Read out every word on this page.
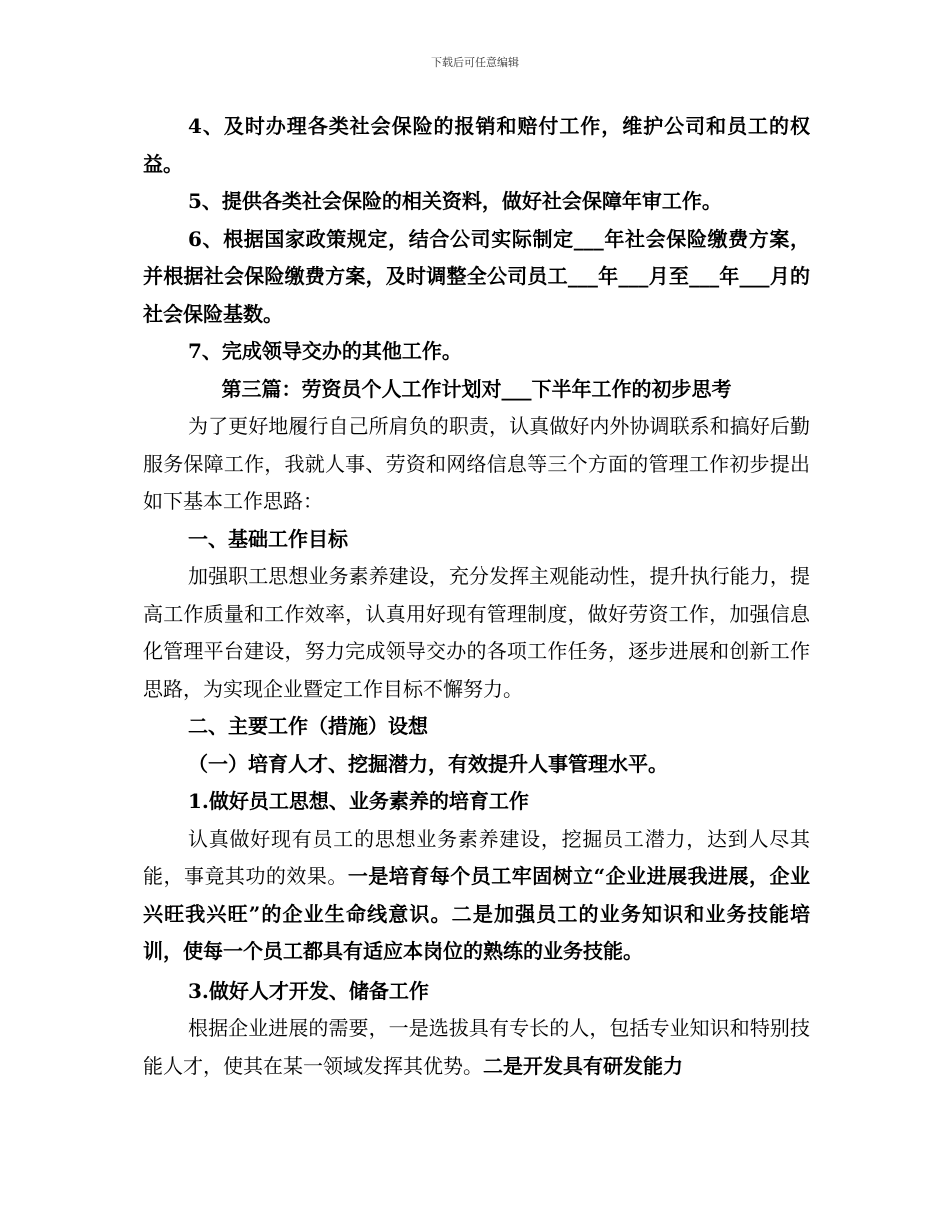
下载后可任意编辑

4、及时办理各类社会保险的报销和赔付工作，维护公司和员工的权益。

5、提供各类社会保险的相关资料，做好社会保障年审工作。

6、根据国家政策规定，结合公司实际制定___年社会保险缴费方案，并根据社会保险缴费方案，及时调整全公司员工___年___月至___年___月的社会保险基数。

7、完成领导交办的其他工作。

第三篇：劳资员个人工作计划对___下半年工作的初步思考

为了更好地履行自己所肩负的职责，认真做好内外协调联系和搞好后勤服务保障工作，我就人事、劳资和网络信息等三个方面的管理工作初步提出如下基本工作思路：

一、基础工作目标

加强职工思想业务素养建设，充分发挥主观能动性，提升执行能力，提高工作质量和工作效率，认真用好现有管理制度，做好劳资工作，加强信息化管理平台建设，努力完成领导交办的各项工作任务，逐步进展和创新工作思路，为实现企业暨定工作目标不懈努力。

二、主要工作（措施）设想

（一）培育人才、挖掘潜力，有效提升人事管理水平。

1.做好员工思想、业务素养的培育工作

认真做好现有员工的思想业务素养建设，挖掘员工潜力，达到人尽其能，事竟其功的效果。一是培育每个员工牢固树立“企业进展我进展，企业兴旺我兴旺”的企业生命线意识。二是加强员工的业务知识和业务技能培训，使每一个员工都具有适应本岗位的熟练的业务技能。

3.做好人才开发、储备工作

根据企业进展的需要，一是选拔具有专长的人，包括专业知识和特别技能人才，使其在某一领域发挥其优势。二是开发具有研发能力
